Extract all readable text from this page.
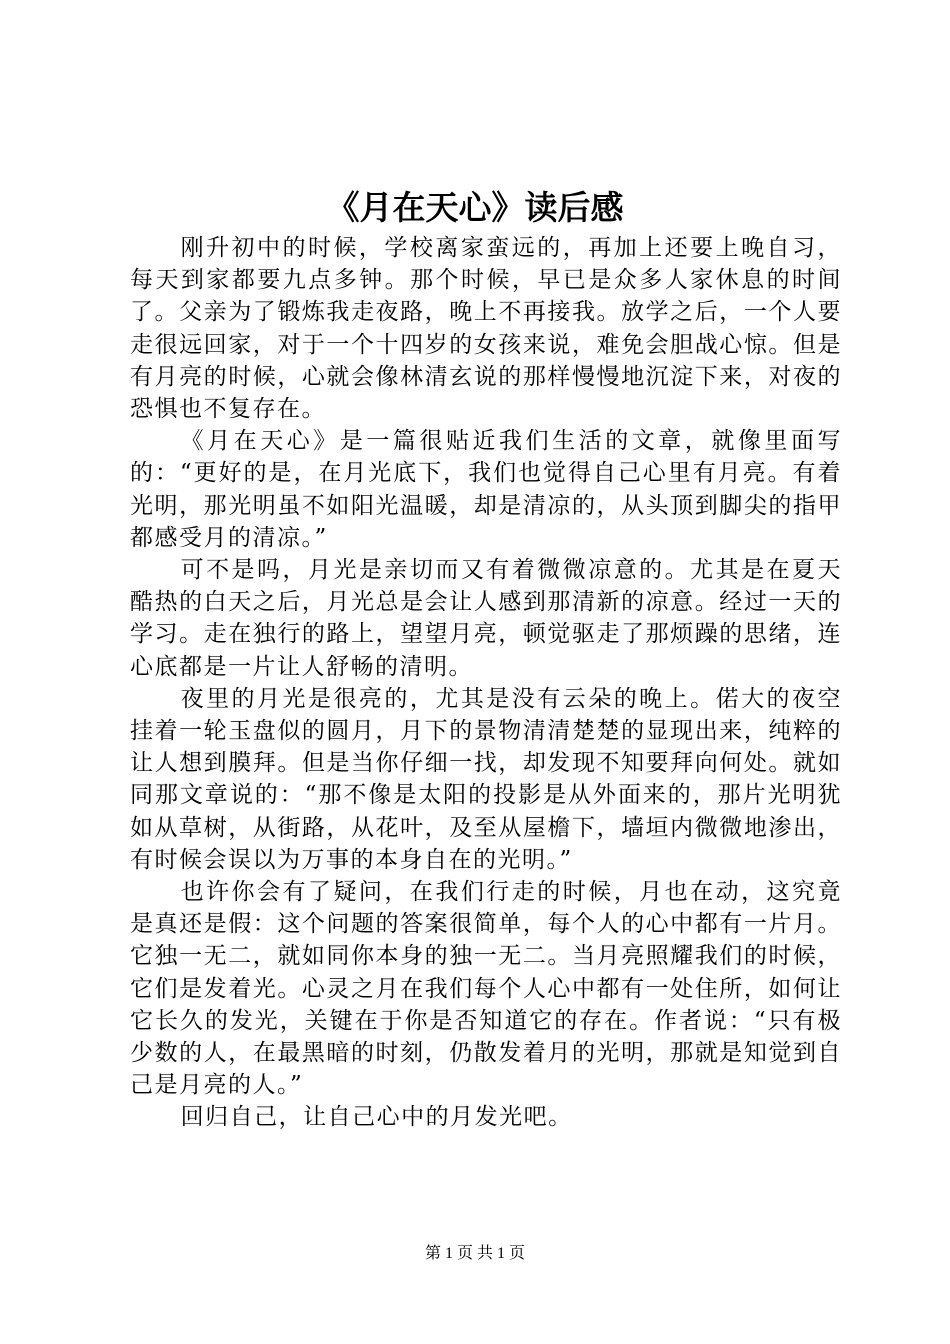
《月在天心》读后感

刚升初中的时候，学校离家蛮远的，再加上还要上晚自习，每天到家都要九点多钟。那个时候，早已是众多人家休息的时间了。父亲为了锻炼我走夜路，晚上不再接我。放学之后，一个人要走很远回家，对于一个十四岁的女孩来说，难免会胆战心惊。但是有月亮的时候，心就会像林清玄说的那样慢慢地沉淀下来，对夜的恐惧也不复存在。

《月在天心》是一篇很贴近我们生活的文章，就像里面写的：“更好的是，在月光底下，我们也觉得自己心里有月亮。有着光明，那光明虽不如阳光温暖，却是清凉的，从头顶到脚尖的指甲都感受月的清凉。”

可不是吗，月光是亲切而又有着微微凉意的。尤其是在夏天酷热的白天之后，月光总是会让人感到那清新的凉意。经过一天的学习。走在独行的路上，望望月亮，顿觉驱走了那烦躁的思绪，连心底都是一片让人舒畅的清明。

夜里的月光是很亮的，尤其是没有云朵的晚上。偌大的夜空挂着一轮玉盘似的圆月，月下的景物清清楚楚的显现出来，纯粹的让人想到膜拜。但是当你仔细一找，却发现不知要拜向何处。就如同那文章说的：“那不像是太阳的投影是从外面来的，那片光明犹如从草树，从街路，从花叶，及至从屋檐下，墙垣内微微地渗出，有时候会误以为万事的本身自在的光明。”

也许你会有了疑问，在我们行走的时候，月也在动，这究竟是真还是假：这个问题的答案很简单，每个人的心中都有一片月。它独一无二，就如同你本身的独一无二。当月亮照耀我们的时候，它们是发着光。心灵之月在我们每个人心中都有一处住所，如何让它长久的发光，关键在于你是否知道它的存在。作者说：“只有极少数的人，在最黑暗的时刻，仍散发着月的光明，那就是知觉到自己是月亮的人。”

回归自己，让自己心中的月发光吧。

第 1 页 共 1 页
